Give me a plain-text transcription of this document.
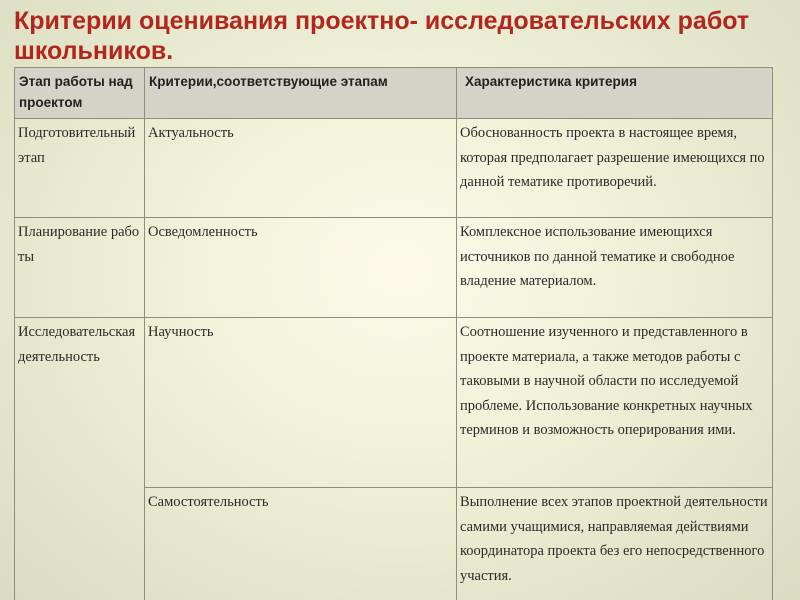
Критерии оценивания проектно- исследовательских работ школьников.
Этап работы над проектом	Критерии,соответствующие этапам	Характеристика критерия
Подготовительный этап	Актуальность	Обоснованность проекта в настоящее время, которая предполагает разрешение имеющихся по данной тематике противоречий.
Планирование работы	Осведомленность	Комплексное использование имеющихся источников по данной тематике и свободное владение материалом.
Исследовательская деятельность	Научность	Соотношение изученного и представленного в проекте материала, а также методов работы с таковыми в научной области по исследуемой проблеме. Использование конкретных научных терминов и возможность оперирования ими.
	Самостоятельность	Выполнение всех этапов проектной деятельности самими учащимися, направляемая действиями координатора проекта без его непосредственного участия.
